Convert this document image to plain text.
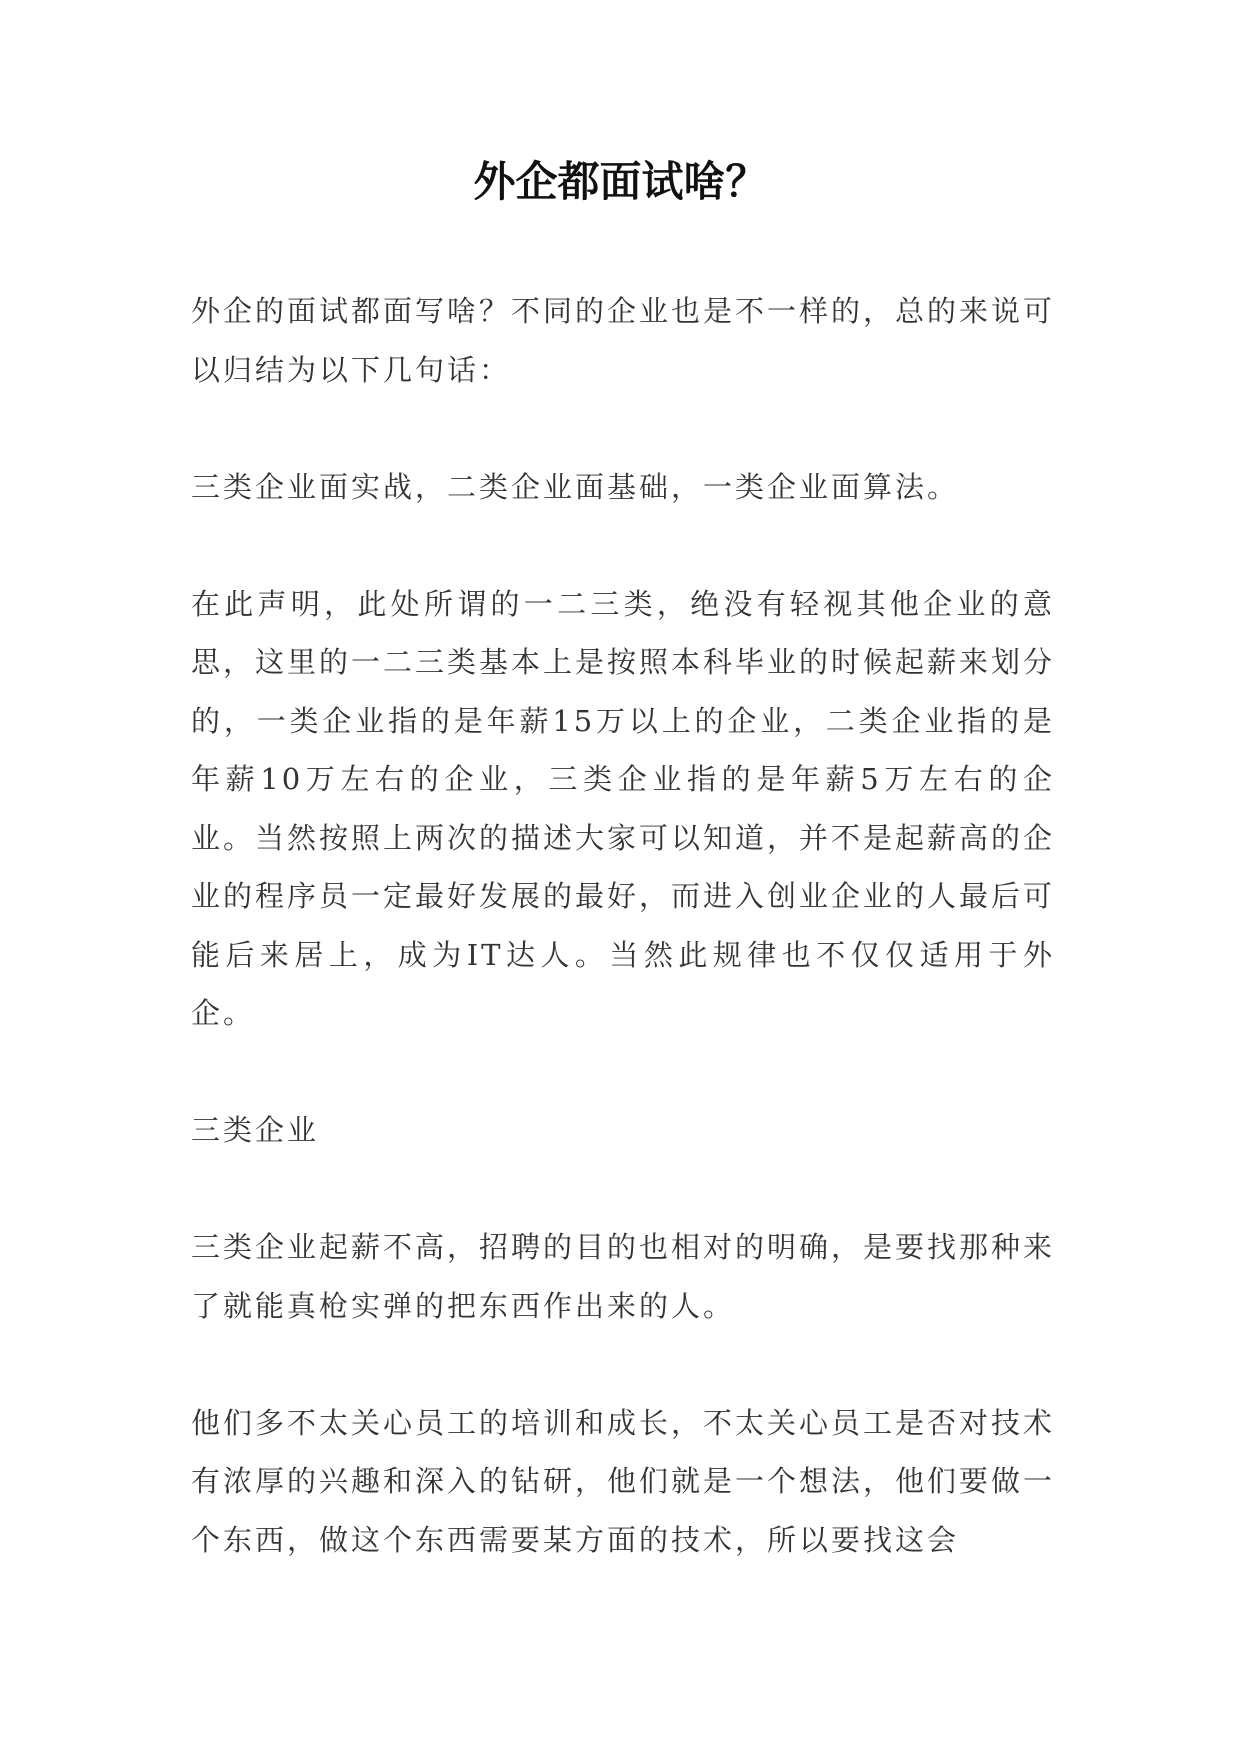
外企都面试啥？

外企的面试都面写啥？不同的企业也是不一样的，总的来说可以归结为以下几句话：

三类企业面实战，二类企业面基础，一类企业面算法。

在此声明，此处所谓的一二三类，绝没有轻视其他企业的意思，这里的一二三类基本上是按照本科毕业的时候起薪来划分的，一类企业指的是年薪15万以上的企业，二类企业指的是年薪10万左右的企业，三类企业指的是年薪5万左右的企业。当然按照上两次的描述大家可以知道，并不是起薪高的企业的程序员一定最好发展的最好，而进入创业企业的人最后可能后来居上，成为IT达人。当然此规律也不仅仅适用于外企。

三类企业

三类企业起薪不高，招聘的目的也相对的明确，是要找那种来了就能真枪实弹的把东西作出来的人。

他们多不太关心员工的培训和成长，不太关心员工是否对技术有浓厚的兴趣和深入的钻研，他们就是一个想法，他们要做一个东西，做这个东西需要某方面的技术，所以要找这会
